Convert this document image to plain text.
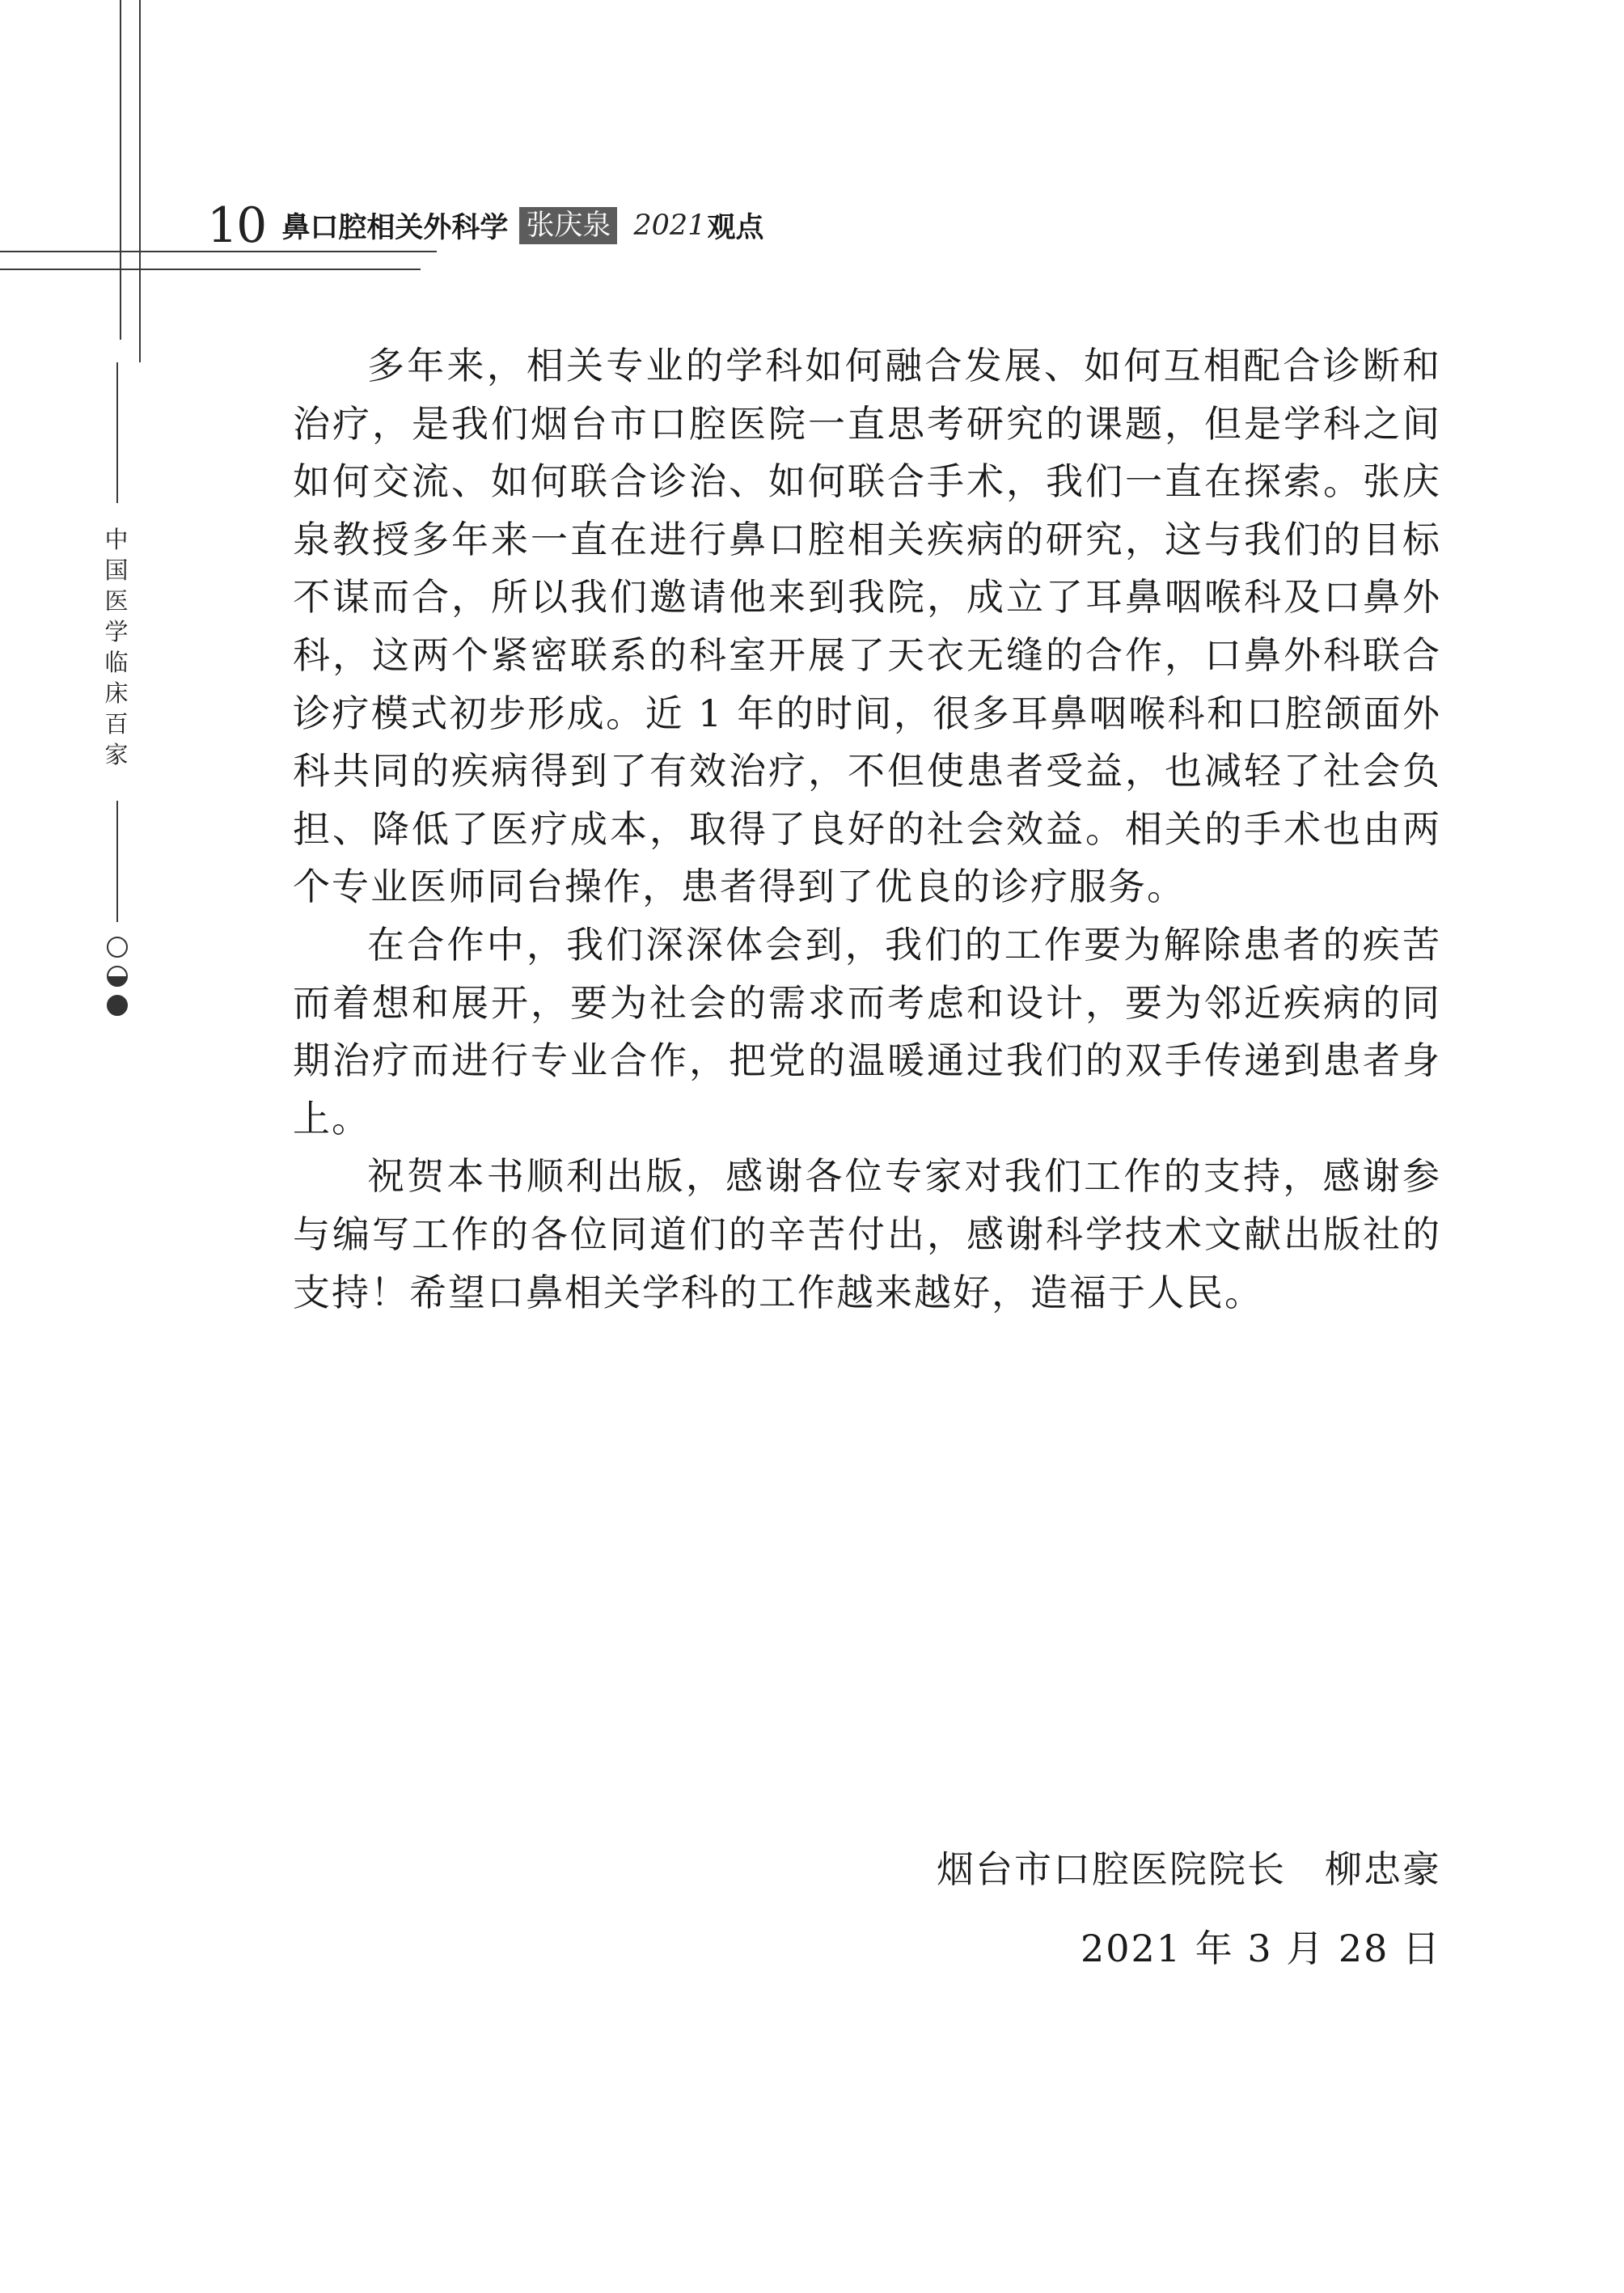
10 鼻口腔相关外科学 张庆泉 2021 观点
中
国
医
学
临
床
百
家

多年来，相关专业的学科如何融合发展、如何互相配合诊断和治疗，是我们烟台市口腔医院一直思考研究的课题，但是学科之间如何交流、如何联合诊治、如何联合手术，我们一直在探索。张庆泉教授多年来一直在进行鼻口腔相关疾病的研究，这与我们的目标不谋而合，所以我们邀请他来到我院，成立了耳鼻咽喉科及口鼻外科，这两个紧密联系的科室开展了天衣无缝的合作，口鼻外科联合诊疗模式初步形成。近 1 年的时间，很多耳鼻咽喉科和口腔颌面外科共同的疾病得到了有效治疗，不但使患者受益，也减轻了社会负担、降低了医疗成本，取得了良好的社会效益。相关的手术也由两个专业医师同台操作，患者得到了优良的诊疗服务。

在合作中，我们深深体会到，我们的工作要为解除患者的疾苦而着想和展开，要为社会的需求而考虑和设计，要为邻近疾病的同期治疗而进行专业合作，把党的温暖通过我们的双手传递到患者身上。

祝贺本书顺利出版，感谢各位专家对我们工作的支持，感谢参与编写工作的各位同道们的辛苦付出，感谢科学技术文献出版社的支持！希望口鼻相关学科的工作越来越好，造福于人民。

烟台市口腔医院院长　柳忠豪
2021 年 3 月 28 日
